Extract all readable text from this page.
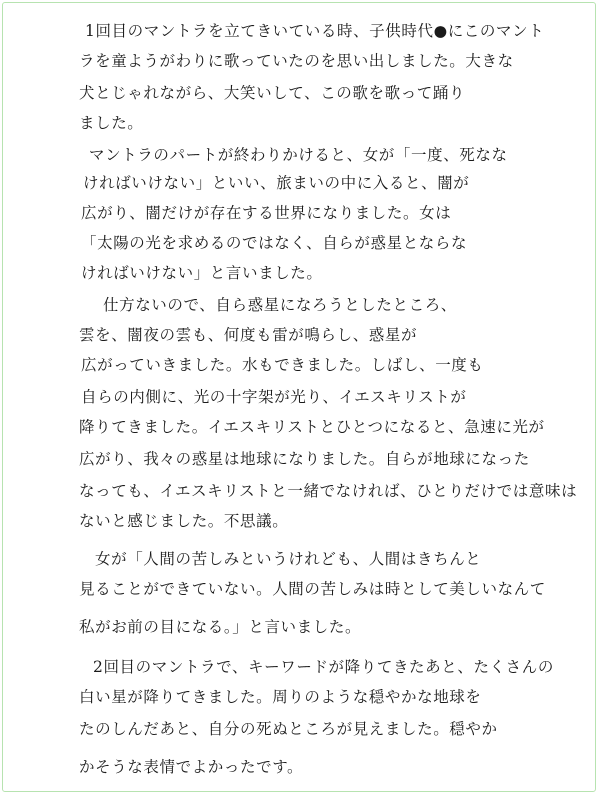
1回目のマントラを立てきいている時、子供時代●にこのマント
ラを童ようがわりに歌っていたのを思い出しました。大きな
犬とじゃれながら、大笑いして、この歌を歌って踊り
ました。
マントラのパートが終わりかけると、女が「一度、死なな
ければいけない」といい、旅まいの中に入ると、闇が
広がり、闇だけが存在する世界になりました。女は
「太陽の光を求めるのではなく、自らが惑星とならな
ければいけない」と言いました。
仕方ないので、自ら惑星になろうとしたところ、
雲を、闇夜の雲も、何度も雷が鳴らし、惑星が
広がっていきました。水もできました。しばし、一度も
自らの内側に、光の十字架が光り、イエスキリストが
降りてきました。イエスキリストとひとつになると、急速に光が
広がり、我々の惑星は地球になりました。自らが地球になった
なっても、イエスキリストと一緒でなければ、ひとりだけでは意味は
ないと感じました。不思議。
女が「人間の苦しみというけれども、人間はきちんと
見ることができていない。人間の苦しみは時として美しいなんて
私がお前の目になる。」と言いました。
2回目のマントラで、キーワードが降りてきたあと、たくさんの
白い星が降りてきました。周りのような穏やかな地球を
たのしんだあと、自分の死ぬところが見えました。穏やか
かそうな表情でよかったです。
